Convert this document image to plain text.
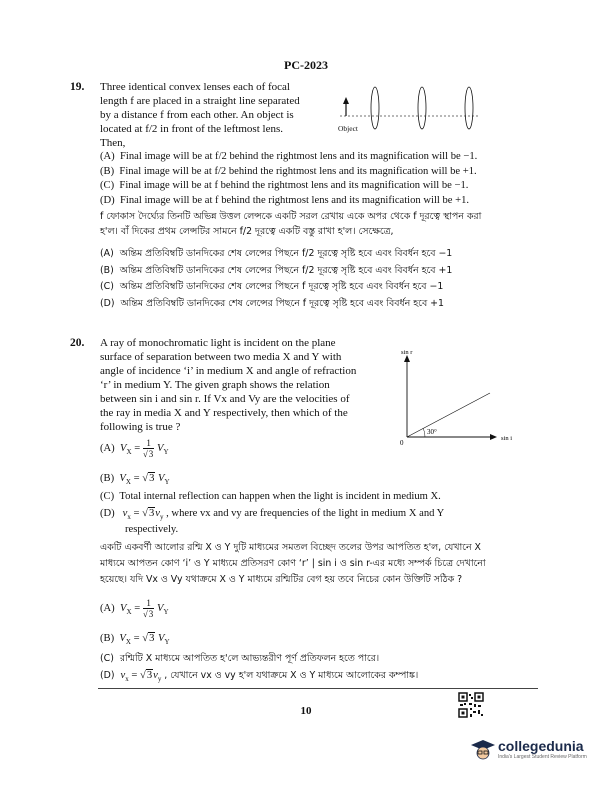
PC-2023
19. Three identical convex lenses each of focal
length f are placed in a straight line separated
by a distance f from each other. An object is
located at f/2 in front of the leftmost lens.
Then,
Object
(A) Final image will be at f/2 behind the rightmost lens and its magnification will be −1.
(B) Final image will be at f/2 behind the rightmost lens and its magnification will be +1.
(C) Final image will be at f behind the rightmost lens and its magnification will be −1.
(D) Final image will be at f behind the rightmost lens and its magnification will be +1.
f ফোকাস দৈর্ঘ্যের তিনটি অভিন্ন উত্তল লেন্সকে একটি সরল রেখায় একে অপর থেকে f দূরত্বে স্থাপন করা
হ'ল। বাঁ দিকের প্রথম লেন্সটির সামনে f/2 দূরত্বে একটি বস্তু রাখা হ'ল। সেক্ষেত্রে,
(A) অন্তিম প্রতিবিম্বটি ডানদিকের শেষ লেন্সের পিছনে f/2 দূরত্বে সৃষ্টি হবে এবং বিবর্ধন হবে −1
(B) অন্তিম প্রতিবিম্বটি ডানদিকের শেষ লেন্সের পিছনে f/2 দূরত্বে সৃষ্টি হবে এবং বিবর্ধন হবে +1
(C) অন্তিম প্রতিবিম্বটি ডানদিকের শেষ লেন্সের পিছনে f দূরত্বে সৃষ্টি হবে এবং বিবর্ধন হবে −1
(D) অন্তিম প্রতিবিম্বটি ডানদিকের শেষ লেন্সের পিছনে f দূরত্বে সৃষ্টি হবে এবং বিবর্ধন হবে +1
20. A ray of monochromatic light is incident on the plane
surface of separation between two media X and Y with
angle of incidence ‘i’ in medium X and angle of refraction
‘r’ in medium Y. The given graph shows the relation
between sin i and sin r. If Vx and Vy are the velocities of
the ray in media X and Y respectively, then which of the
following is true ?
0
30°
sin r
sin i
(A) $V_X = \frac{1}{√3} V_Y$
(B) $V_X = √3$ $V_Y$
(C) Total internal reflection can happen when the light is incident in medium X.
(D) $v_x = √3v_y$ , where vx and vy are frequencies of the light in medium X and Y
respectively.
একটি একবর্ণী আলোর রশ্মি X ও Y দুটি মাধ্যমের সমতল বিচ্ছেদ তলের উপর আপতিত হ'ল, যেখানে X
মাধ্যমে আপতন কোণ ‘i’ ও Y মাধ্যমে প্রতিসরণ কোণ ‘r’ | sin i ও sin r-এর মধ্যে সম্পর্ক চিত্রে দেখানো
হয়েছে। যদি Vx ও Vy যথাক্রমে X ও Y মাধ্যমে রশ্মিটির বেগ হয় তবে নিচের কোন উক্তিটি সঠিক ?
(A) $V_X = \frac{1}{√3} V_Y$
(B) $V_X = √3$ $V_Y$
(C) রশ্মিটি X মাধ্যমে আপতিত হ'লে আভ্যন্তরীণ পূর্ণ প্রতিফলন হতে পারে।
(D) $v_x = √3v_y$ , যেখানে vx ও vy হ'ল যথাক্রমে X ও Y মাধ্যমে আলোকের কম্পাঙ্ক।
10
collegedunia
India's Largest Student Review Platform
